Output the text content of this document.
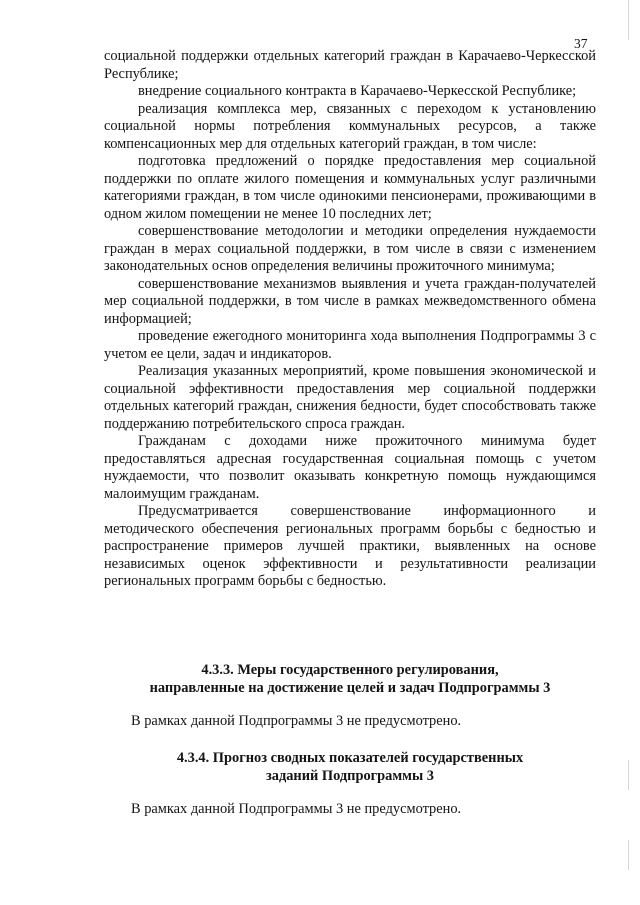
37

социальной поддержки отдельных категорий граждан в Карачаево-Черкесской Республике;

внедрение социального контракта в Карачаево-Черкесской Республике;

реализация комплекса мер, связанных с переходом к установлению социальной нормы потребления коммунальных ресурсов, а также компенсационных мер для отдельных категорий граждан, в том числе:

подготовка предложений о порядке предоставления мер социальной поддержки по оплате жилого помещения и коммунальных услуг различными категориями граждан, в том числе одинокими пенсионерами, проживающими в одном жилом помещении не менее 10 последних лет;

совершенствование методологии и методики определения нуждаемости граждан в мерах социальной поддержки, в том числе в связи с изменением законодательных основ определения величины прожиточного минимума;

совершенствование механизмов выявления и учета граждан-получателей мер социальной поддержки, в том числе в рамках межведомственного обмена информацией;

проведение ежегодного мониторинга хода выполнения Подпрограммы 3 с учетом ее цели, задач и индикаторов.

Реализация указанных мероприятий, кроме повышения экономической и социальной эффективности предоставления мер социальной поддержки отдельных категорий граждан, снижения бедности, будет способствовать также поддержанию потребительского спроса граждан.

Гражданам с доходами ниже прожиточного минимума будет предоставляться адресная государственная социальная помощь с учетом нуждаемости, что позволит оказывать конкретную помощь нуждающимся малоимущим гражданам.

Предусматривается совершенствование информационного и методического обеспечения региональных программ борьбы с бедностью и распространение примеров лучшей практики, выявленных на основе независимых оценок эффективности и результативности реализации региональных программ борьбы с бедностью.

4.3.3. Меры государственного регулирования,
направленные на достижение целей и задач Подпрограммы 3
В рамках данной Подпрограммы 3 не предусмотрено.
4.3.4. Прогноз сводных показателей государственных
заданий Подпрограммы 3
В рамках данной Подпрограммы 3 не предусмотрено.
